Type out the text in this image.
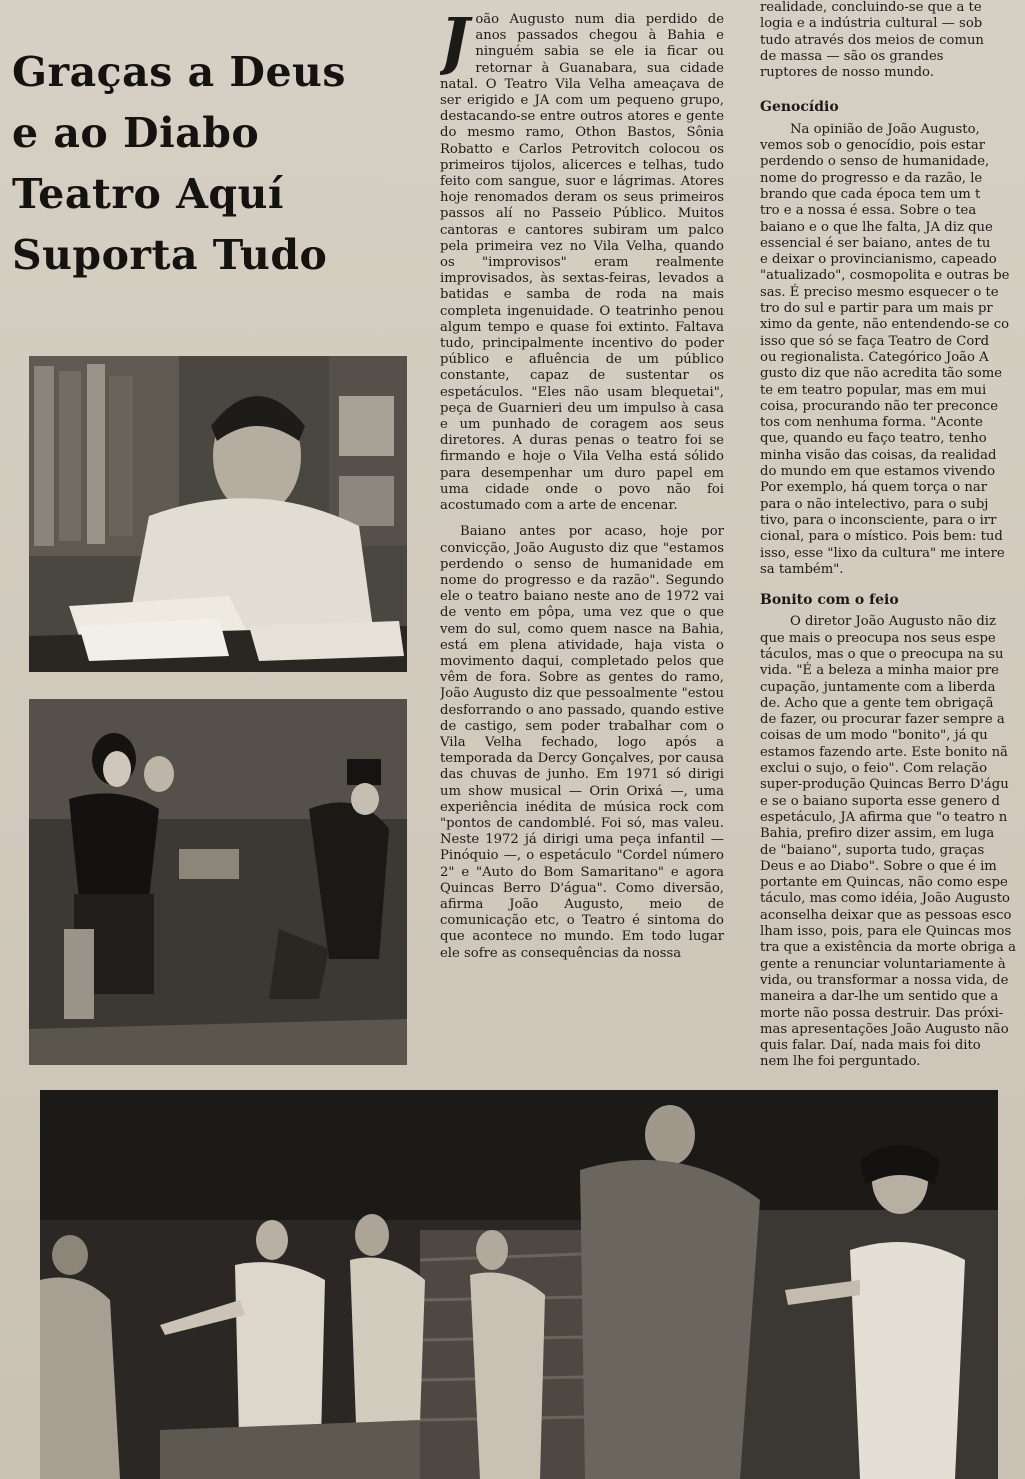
Graças a Deus
e ao Diabo
Teatro Aquí
Suporta Tudo

J oão Augusto num dia perdido de anos passados chegou à Bahia e ninguém sabia se ele ia ficar ou retornar à Guanabara, sua cidade natal. O Teatro Vila Velha ameaçava de ser erigido e JA com um pequeno grupo, destacando-se entre outros atores e gente do mesmo ramo, Othon Bastos, Sônia Robatto e Carlos Petrovitch colocou os primeiros tijolos, alicerces e telhas, tudo feito com sangue, suor e lágrimas. Atores hoje renomados deram os seus primeiros passos alí no Passeio Público. Muitos cantoras e cantores subiram um palco pela primeira vez no Vila Velha, quando os "improvisos" eram realmente improvisados, às sextas-feiras, levados a batidas e samba de roda na mais completa ingenuidade. O teatrinho penou algum tempo e quase foi extinto. Faltava tudo, principalmente incentivo do poder público e afluência de um público constante, capaz de sustentar os espetáculos. "Eles não usam blequetai", peça de Guarnieri deu um impulso à casa e um punhado de coragem aos seus diretores. A duras penas o teatro foi se firmando e hoje o Vila Velha está sólido para desempenhar um duro papel em uma cidade onde o povo não foi acostumado com a arte de encenar.

Baiano antes por acaso, hoje por convicção, João Augusto diz que "estamos perdendo o senso de humanidade em nome do progresso e da razão". Segundo ele o teatro baiano neste ano de 1972 vai de vento em pôpa, uma vez que o que vem do sul, como quem nasce na Bahia, está em plena atividade, haja vista o movimento daqui, completado pelos que vêm de fora. Sobre as gentes do ramo, João Augusto diz que pessoalmente "estou desforrando o ano passado, quando estive de castigo, sem poder trabalhar com o Vila Velha fechado, logo após a temporada da Dercy Gonçalves, por causa das chuvas de junho. Em 1971 só dirigi um show musical — Orin Orixá —, uma experiência inédita de música rock com "pontos de candomblé. Foi só, mas valeu. Neste 1972 já dirigi uma peça infantil — Pinóquio —, o espetáculo "Cordel número 2" e "Auto do Bom Samaritano" e agora Quincas Berro D'água". Como diversão, afirma João Augusto, meio de comunicação etc, o Teatro é sintoma do que acontece no mundo. Em todo lugar ele sofre as consequências da nossa

realidade, concluindo-se que a te
logia e a indústria cultural — sob
tudo através dos meios de comun
de massa — são os grandes
ruptores de nosso mundo.
Genocídio
Na opinião de João Augusto,
vemos sob o genocídio, pois estar
perdendo o senso de humanidade,
nome do progresso e da razão, le
brando que cada época tem um t
tro e a nossa é essa. Sobre o tea
baiano e o que lhe falta, JA diz que
essencial é ser baiano, antes de tu
e deixar o provincianismo, capeado
"atualizado", cosmopolita e outras be
sas. É preciso mesmo esquecer o te
tro do sul e partir para um mais pr
ximo da gente, não entendendo-se co
isso que só se faça Teatro de Cord
ou regionalista. Categórico João A
gusto diz que não acredita tão some
te em teatro popular, mas em mui
coisa, procurando não ter preconce
tos com nenhuma forma. "Aconte
que, quando eu faço teatro, tenho
minha visão das coisas, da realidad
do mundo em que estamos vivendo
Por exemplo, há quem torça o nar
para o não intelectivo, para o subj
tivo, para o inconsciente, para o irr
cional, para o místico. Pois bem: tud
isso, esse "lixo da cultura" me intere
sa também".
Bonito com o feio
O diretor João Augusto não diz
que mais o preocupa nos seus espe
táculos, mas o que o preocupa na su
vida. "É a beleza a minha maior pre
cupação, juntamente com a liberda
de. Acho que a gente tem obrigaçã
de fazer, ou procurar fazer sempre a
coisas de um modo "bonito", já qu
estamos fazendo arte. Este bonito nã
exclui o sujo, o feio". Com relação
super-produção Quincas Berro D'águ
e se o baiano suporta esse genero d
espetáculo, JA afirma que "o teatro n
Bahia, prefiro dizer assim, em luga
de "baiano", suporta tudo, graças
Deus e ao Diabo". Sobre o que é im
portante em Quincas, não como espe
táculo, mas como idéia, João Augusto
aconselha deixar que as pessoas esco
lham isso, pois, para ele Quincas mos
tra que a existência da morte obriga a
gente a renunciar voluntariamente à
vida, ou transformar a nossa vida, de
maneira a dar-lhe um sentido que a
morte não possa destruir. Das próxi-
mas apresentações João Augusto não
quis falar. Daí, nada mais foi dito
nem lhe foi perguntado.
